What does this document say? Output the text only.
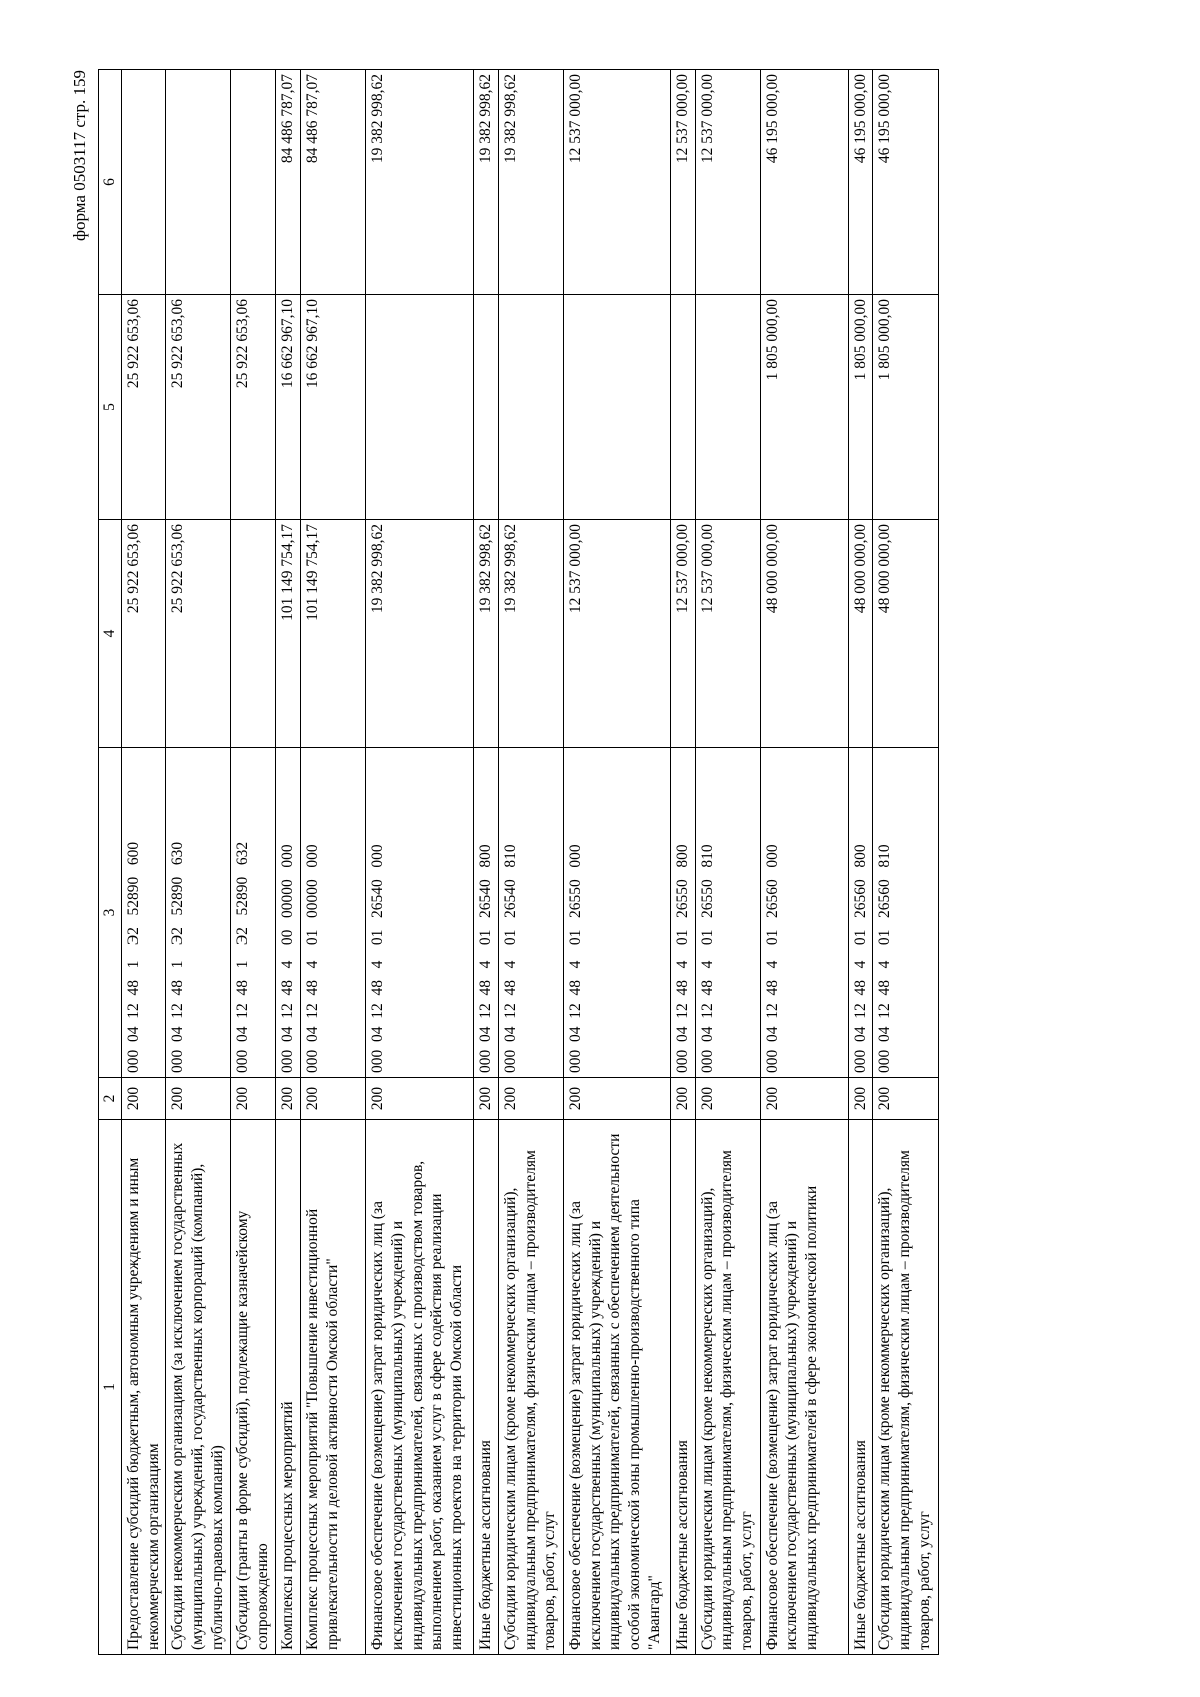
форма 0503117 стр. 159
1	2	3	4	5	6
Предоставление субсидий бюджетным, автономным учреждениям и иным некоммерческим организациям	200	000  04  12  48   1    Э2   52890   600	25 922 653,06	25 922 653,06	
Субсидии некоммерческим организациям (за исключением государственных (муниципальных) учреждений, государственных корпораций (компаний), публично-правовых компаний)	200	000  04  12  48   1    Э2   52890   630	25 922 653,06	25 922 653,06	
Субсидии (гранты в форме субсидий), подлежащие казначейскому сопровождению	200	000  04  12  48   1    Э2   52890   632		25 922 653,06	
Комплексы процессных мероприятий	200	000  04  12  48   4    00   00000   000	101 149 754,17	16 662 967,10	84 486 787,07
Комплекс процессных мероприятий "Повышение инвестиционной привлекательности и деловой активности Омской области"	200	000  04  12  48   4    01   00000   000	101 149 754,17	16 662 967,10	84 486 787,07
Финансовое обеспечение (возмещение) затрат юридических лиц (за исключением государственных (муниципальных) учреждений) и индивидуальных предпринимателей, связанных с производством товаров, выполнением работ, оказанием услуг в сфере содействия реализации инвестиционных проектов на территории Омской области	200	000  04  12  48   4    01   26540   000	19 382 998,62		19 382 998,62
Иные бюджетные ассигнования	200	000  04  12  48   4    01   26540   800	19 382 998,62		19 382 998,62
Субсидии юридическим лицам (кроме некоммерческих организаций), индивидуальным предпринимателям, физическим лицам – производителям товаров, работ, услуг	200	000  04  12  48   4    01   26540   810	19 382 998,62		19 382 998,62
Финансовое обеспечение (возмещение) затрат юридических лиц (за исключением государственных (муниципальных) учреждений) и индивидуальных предпринимателей, связанных с обеспечением деятельности особой экономической зоны промышленно-производственного типа "Авангард"	200	000  04  12  48   4    01   26550   000	12 537 000,00		12 537 000,00
Иные бюджетные ассигнования	200	000  04  12  48   4    01   26550   800	12 537 000,00		12 537 000,00
Субсидии юридическим лицам (кроме некоммерческих организаций), индивидуальным предпринимателям, физическим лицам – производителям товаров, работ, услуг	200	000  04  12  48   4    01   26550   810	12 537 000,00		12 537 000,00
Финансовое обеспечение (возмещение) затрат юридических лиц (за исключением государственных (муниципальных) учреждений) и индивидуальных предпринимателей в сфере экономической политики	200	000  04  12  48   4    01   26560   000	48 000 000,00	1 805 000,00	46 195 000,00
Иные бюджетные ассигнования	200	000  04  12  48   4    01   26560   800	48 000 000,00	1 805 000,00	46 195 000,00
Субсидии юридическим лицам (кроме некоммерческих организаций), индивидуальным предпринимателям, физическим лицам – производителям товаров, работ, услуг	200	000  04  12  48   4    01   26560   810	48 000 000,00	1 805 000,00	46 195 000,00
